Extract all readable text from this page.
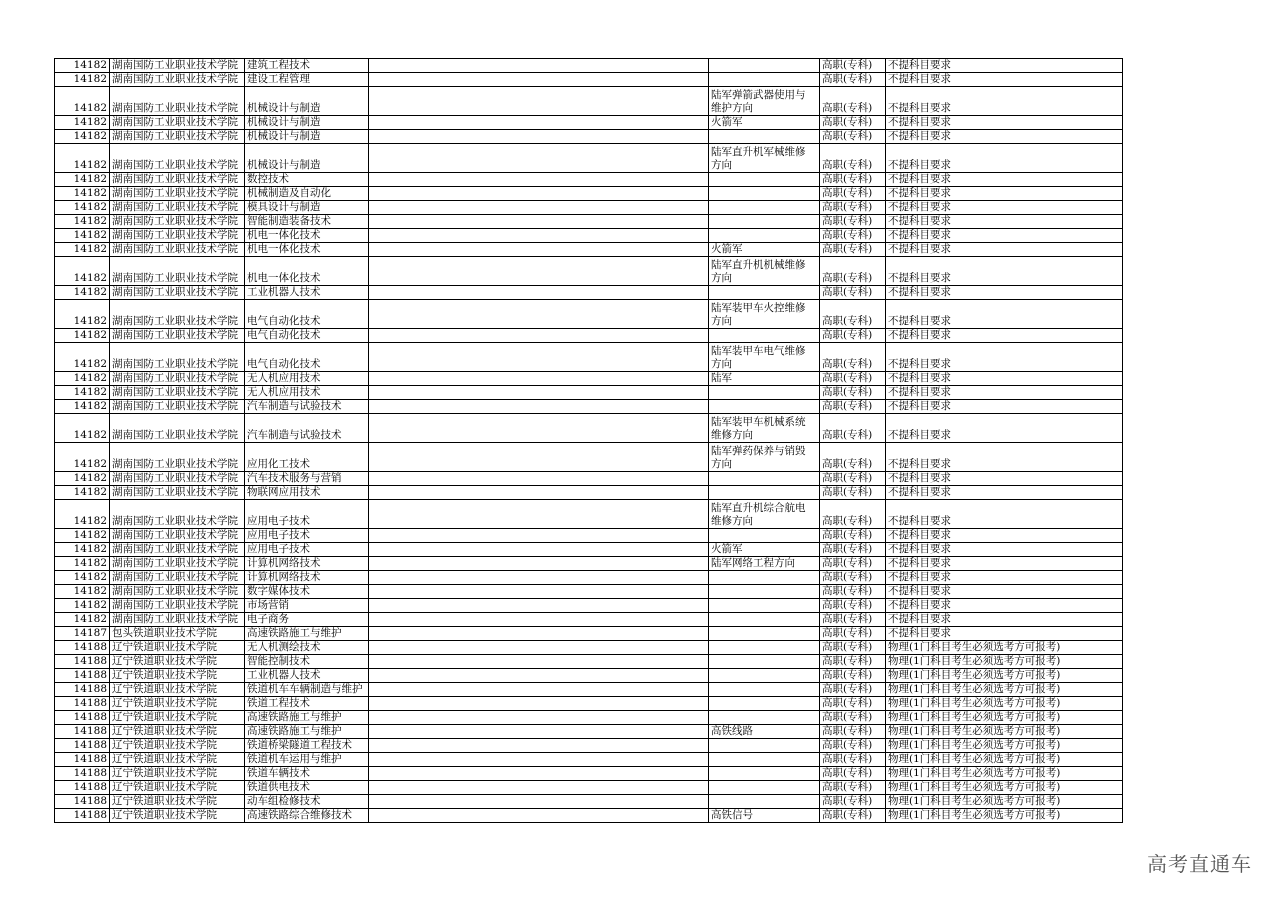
14182	湖南国防工业职业技术学院	建筑工程技术			高职(专科)	不提科目要求
14182	湖南国防工业职业技术学院	建设工程管理			高职(专科)	不提科目要求
14182	湖南国防工业职业技术学院	机械设计与制造		陆军弹箭武器使用与
维护方向	高职(专科)	不提科目要求
14182	湖南国防工业职业技术学院	机械设计与制造		火箭军	高职(专科)	不提科目要求
14182	湖南国防工业职业技术学院	机械设计与制造			高职(专科)	不提科目要求
14182	湖南国防工业职业技术学院	机械设计与制造		陆军直升机军械维修
方向	高职(专科)	不提科目要求
14182	湖南国防工业职业技术学院	数控技术			高职(专科)	不提科目要求
14182	湖南国防工业职业技术学院	机械制造及自动化			高职(专科)	不提科目要求
14182	湖南国防工业职业技术学院	模具设计与制造			高职(专科)	不提科目要求
14182	湖南国防工业职业技术学院	智能制造装备技术			高职(专科)	不提科目要求
14182	湖南国防工业职业技术学院	机电一体化技术			高职(专科)	不提科目要求
14182	湖南国防工业职业技术学院	机电一体化技术		火箭军	高职(专科)	不提科目要求
14182	湖南国防工业职业技术学院	机电一体化技术		陆军直升机机械维修
方向	高职(专科)	不提科目要求
14182	湖南国防工业职业技术学院	工业机器人技术			高职(专科)	不提科目要求
14182	湖南国防工业职业技术学院	电气自动化技术		陆军装甲车火控维修
方向	高职(专科)	不提科目要求
14182	湖南国防工业职业技术学院	电气自动化技术			高职(专科)	不提科目要求
14182	湖南国防工业职业技术学院	电气自动化技术		陆军装甲车电气维修
方向	高职(专科)	不提科目要求
14182	湖南国防工业职业技术学院	无人机应用技术		陆军	高职(专科)	不提科目要求
14182	湖南国防工业职业技术学院	无人机应用技术			高职(专科)	不提科目要求
14182	湖南国防工业职业技术学院	汽车制造与试验技术			高职(专科)	不提科目要求
14182	湖南国防工业职业技术学院	汽车制造与试验技术		陆军装甲车机械系统
维修方向	高职(专科)	不提科目要求
14182	湖南国防工业职业技术学院	应用化工技术		陆军弹药保养与销毁
方向	高职(专科)	不提科目要求
14182	湖南国防工业职业技术学院	汽车技术服务与营销			高职(专科)	不提科目要求
14182	湖南国防工业职业技术学院	物联网应用技术			高职(专科)	不提科目要求
14182	湖南国防工业职业技术学院	应用电子技术		陆军直升机综合航电
维修方向	高职(专科)	不提科目要求
14182	湖南国防工业职业技术学院	应用电子技术			高职(专科)	不提科目要求
14182	湖南国防工业职业技术学院	应用电子技术		火箭军	高职(专科)	不提科目要求
14182	湖南国防工业职业技术学院	计算机网络技术		陆军网络工程方向	高职(专科)	不提科目要求
14182	湖南国防工业职业技术学院	计算机网络技术			高职(专科)	不提科目要求
14182	湖南国防工业职业技术学院	数字媒体技术			高职(专科)	不提科目要求
14182	湖南国防工业职业技术学院	市场营销			高职(专科)	不提科目要求
14182	湖南国防工业职业技术学院	电子商务			高职(专科)	不提科目要求
14187	包头铁道职业技术学院	高速铁路施工与维护			高职(专科)	不提科目要求
14188	辽宁铁道职业技术学院	无人机测绘技术			高职(专科)	物理(1门科目考生必须选考方可报考)
14188	辽宁铁道职业技术学院	智能控制技术			高职(专科)	物理(1门科目考生必须选考方可报考)
14188	辽宁铁道职业技术学院	工业机器人技术			高职(专科)	物理(1门科目考生必须选考方可报考)
14188	辽宁铁道职业技术学院	铁道机车车辆制造与维护			高职(专科)	物理(1门科目考生必须选考方可报考)
14188	辽宁铁道职业技术学院	铁道工程技术			高职(专科)	物理(1门科目考生必须选考方可报考)
14188	辽宁铁道职业技术学院	高速铁路施工与维护			高职(专科)	物理(1门科目考生必须选考方可报考)
14188	辽宁铁道职业技术学院	高速铁路施工与维护		高铁线路	高职(专科)	物理(1门科目考生必须选考方可报考)
14188	辽宁铁道职业技术学院	铁道桥梁隧道工程技术			高职(专科)	物理(1门科目考生必须选考方可报考)
14188	辽宁铁道职业技术学院	铁道机车运用与维护			高职(专科)	物理(1门科目考生必须选考方可报考)
14188	辽宁铁道职业技术学院	铁道车辆技术			高职(专科)	物理(1门科目考生必须选考方可报考)
14188	辽宁铁道职业技术学院	铁道供电技术			高职(专科)	物理(1门科目考生必须选考方可报考)
14188	辽宁铁道职业技术学院	动车组检修技术			高职(专科)	物理(1门科目考生必须选考方可报考)
14188	辽宁铁道职业技术学院	高速铁路综合维修技术		高铁信号	高职(专科)	物理(1门科目考生必须选考方可报考)
高考直通车
